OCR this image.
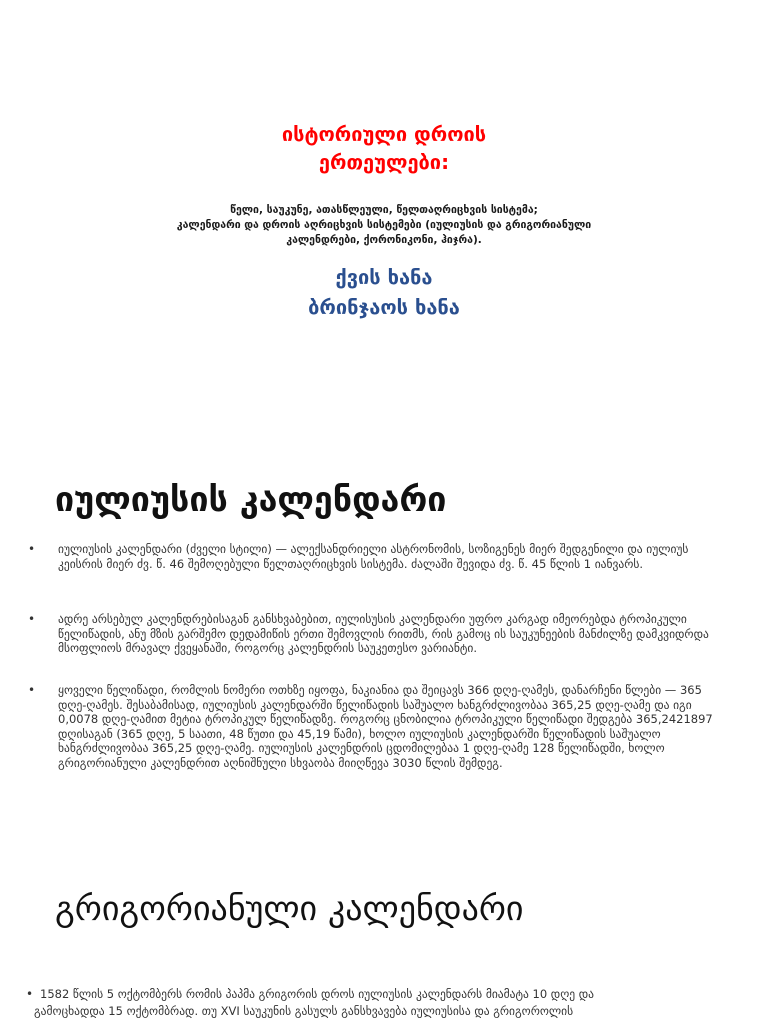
ისტორიული დროის
ერთეულები:
წელი, საუკუნე, ათასწლეული, წელთაღრიცხვის სისტემა;
კალენდარი და დროის აღრიცხვის სისტემები (იულიუსის და გრიგორიანული
კალენდრები, ქორონიკონი, ჰიჯრა).
ქვის ხანა
ბრინჯაოს ხანა
იულიუსის კალენდარი
• იულიუსის კალენდარი (ძველი სტილი) — ალექსანდრიელი ასტრონომის, სოზიგენეს მიერ შედგენილი და იულიუს კეისრის მიერ ძვ. წ. 46 შემოღებული წელთაღრიცხვის სისტემა. ძალაში შევიდა ძვ. წ. 45 წლის 1 იანვარს.
• ადრე არსებულ კალენდრებისაგან განსხვაბებით, იულისუსის კალენდარი უფრო კარგად იმეორებდა ტროპიკული წელიწადის, ანუ მზის გარშემო დედამიწის ერთი შემოვლის რითმს, რის გამოც ის საუკუნეების მანძილზე დამკვიდრდა მსოფლიოს მრავალ ქვეყანაში, როგორც კალენდრის საუკეთესო ვარიანტი.
• ყოველი წელიწადი, რომლის ნომერი ოთხზე იყოფა, ნაკიანია და შეიცავს 366 დღე-ღამეს, დანარჩენი წლები — 365 დღე-ღამეს. შესაბამისად, იულიუსის კალენდარში წელიწადის საშუალო ხანგრძლივობაა 365,25 დღე-ღამე და იგი 0,0078 დღე-ღამით მეტია ტროპიკულ წელიწადზე. როგორც ცნობილია ტროპიკული წელიწადი შედგება 365,2421897 დღისაგან (365 დღე, 5 საათი, 48 წუთი და 45,19 წამი), ხოლო იულიუსის კალენდარში წელიწადის საშუალო ხანგრძლივობაა 365,25 დღე-ღამე. იულიუსის კალენდრის ცდომილებაა 1 დღე-ღამე 128 წელიწადში, ხოლო გრიგორიანული კალენდრით აღნიშნული სხვაობა მიიღწევა 3030 წლის შემდეგ.
გრიგორიანული კალენდარი
• 1582 წლის 5 ოქტომბერს რომის პაპმა გრიგორის დროს იულიუსის კალენდარს მიამატა 10 დღე და
გამოცხადდა 15 ოქტომბრად. თუ XVI საუკუნის გასულს განსხვავება იულიუსისა და გრიგოროლის
